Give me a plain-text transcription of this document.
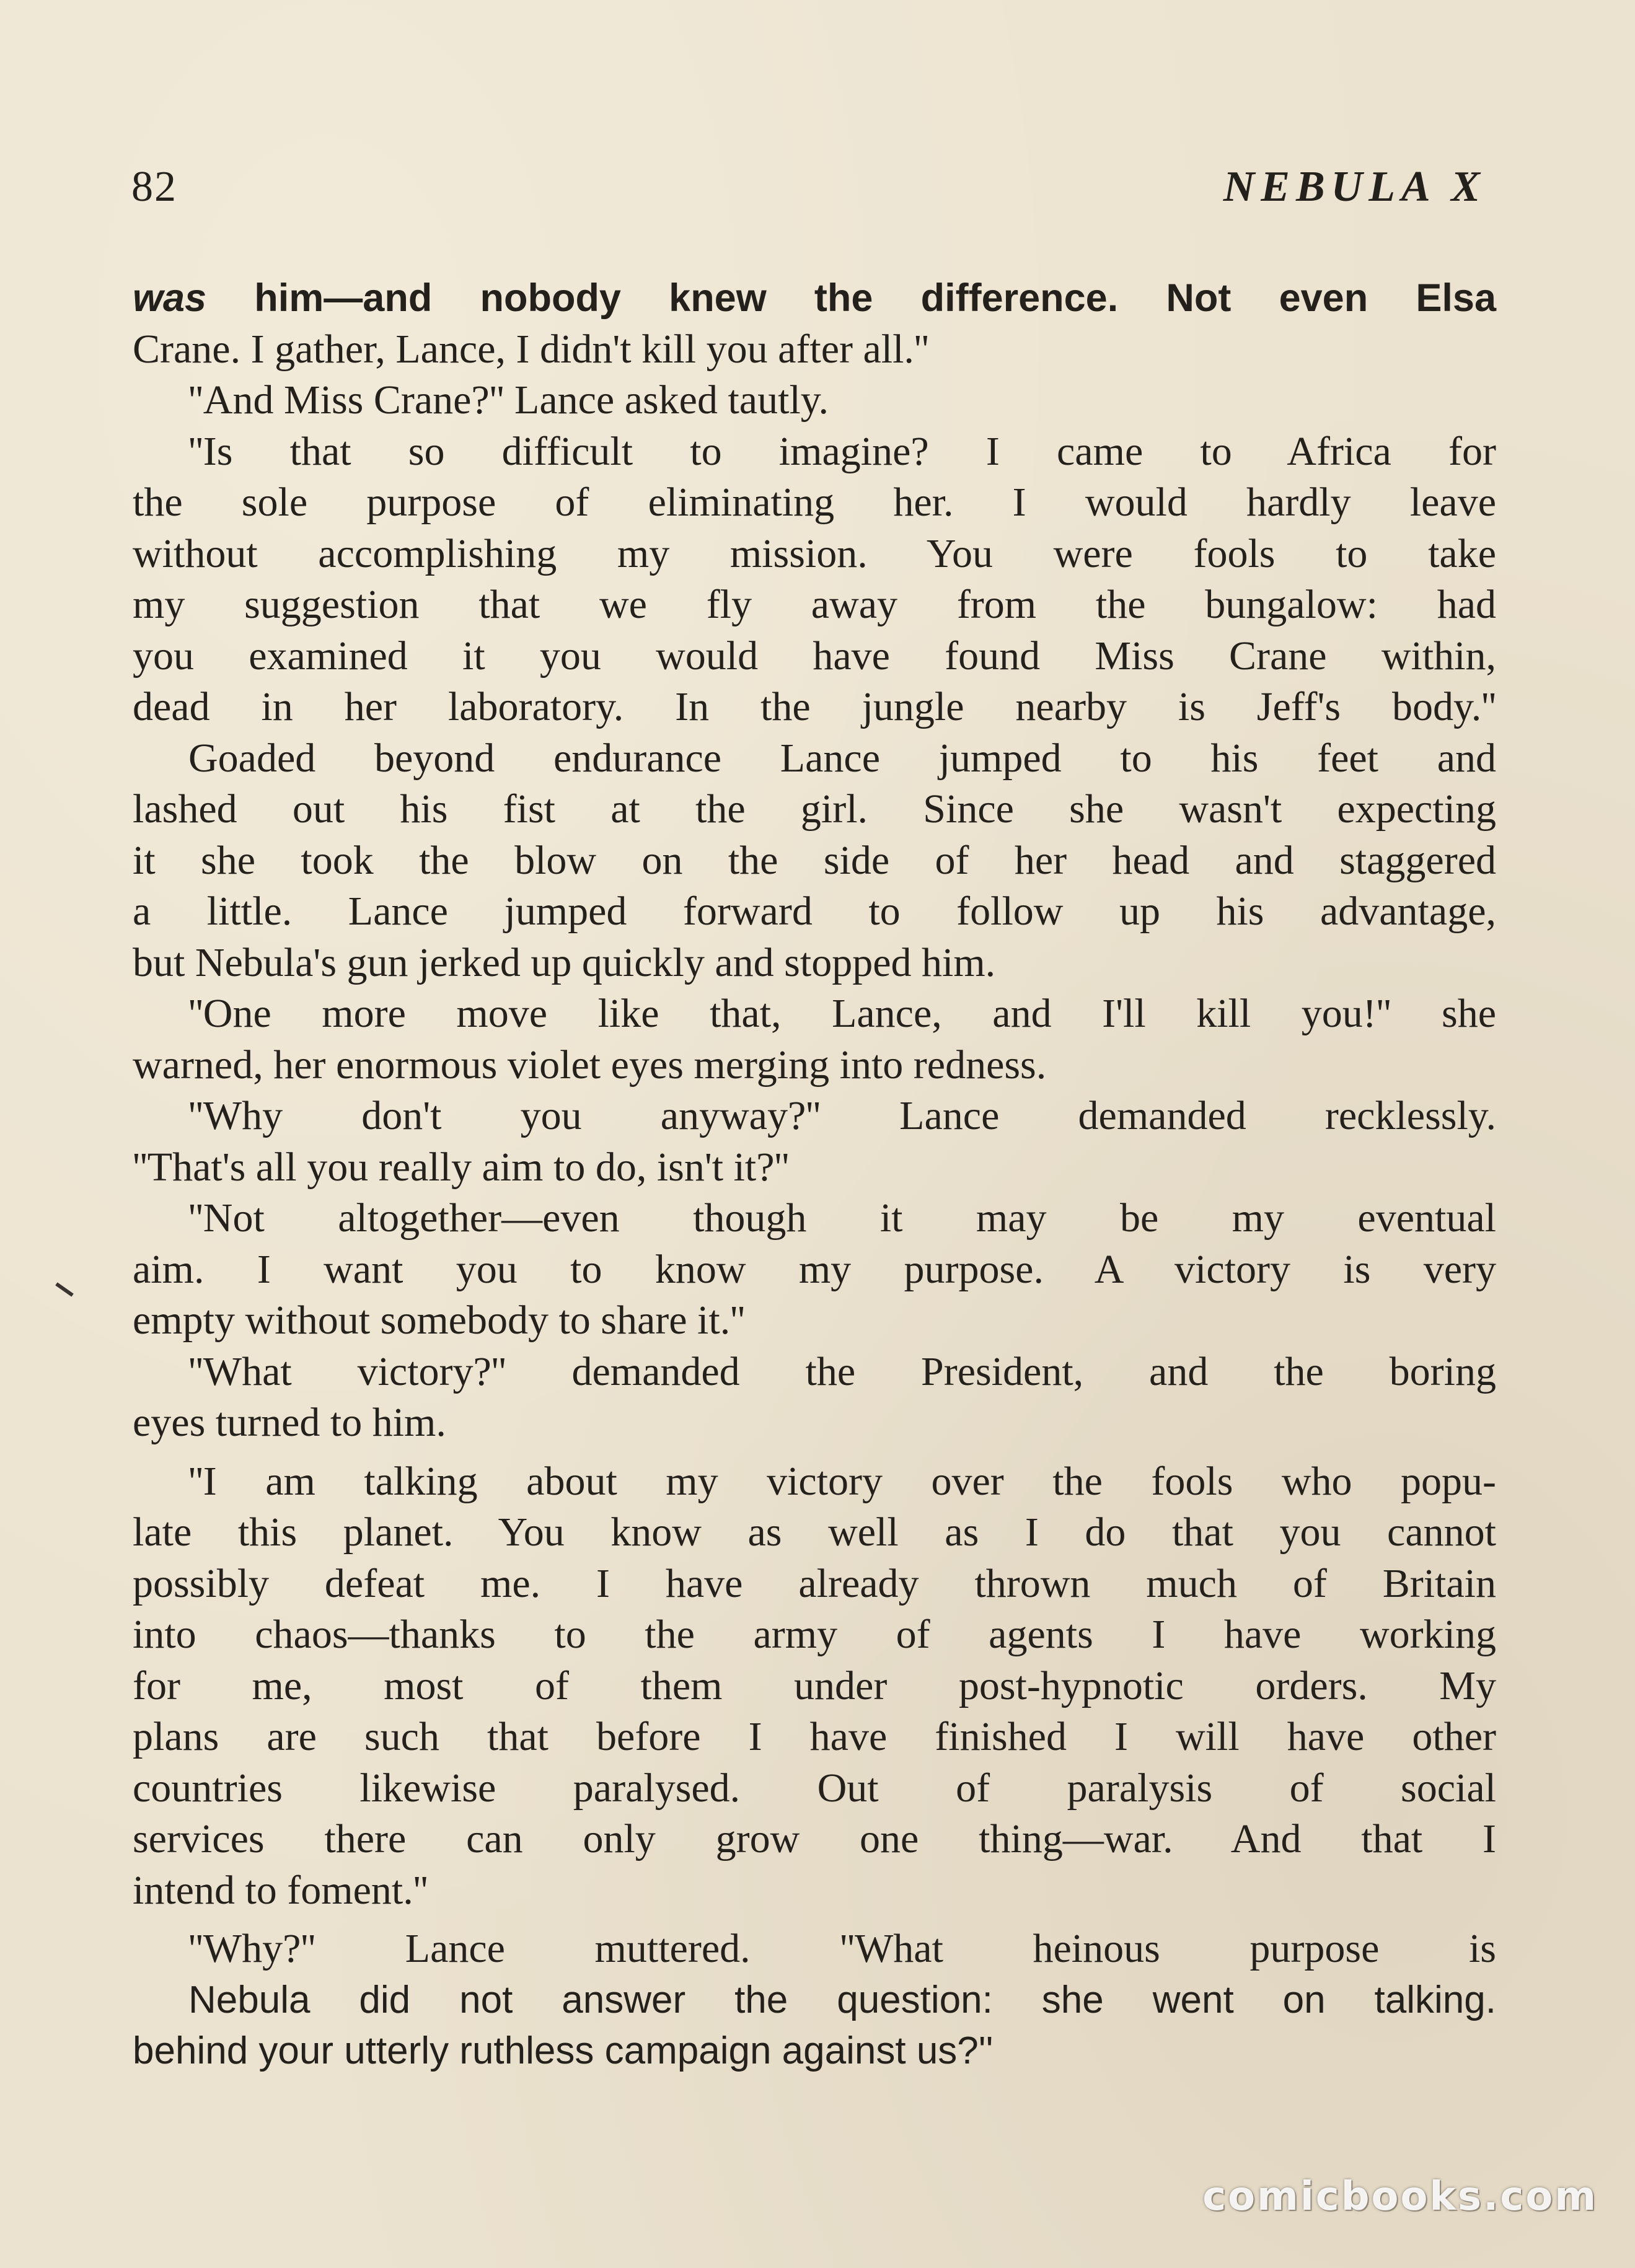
82	NEBULA X
was him—and nobody knew the difference. Not even Elsa
Crane. I gather, Lance, I didn't kill you after all.''
''And Miss Crane?'' Lance asked tautly.
''Is that so difficult to imagine? I came to Africa for
the sole purpose of eliminating her. I would hardly leave
without accomplishing my mission. You were fools to take
my suggestion that we fly away from the bungalow: had
you examined it you would have found Miss Crane within,
dead in her laboratory. In the jungle nearby is Jeff's body.''
Goaded beyond endurance Lance jumped to his feet and
lashed out his fist at the girl. Since she wasn't expecting
it she took the blow on the side of her head and staggered
a little. Lance jumped forward to follow up his advantage,
but Nebula's gun jerked up quickly and stopped him.
''One more move like that, Lance, and I'll kill you!'' she
warned, her enormous violet eyes merging into redness.
''Why don't you anyway?'' Lance demanded recklessly.
''That's all you really aim to do, isn't it?''
''Not altogether—even though it may be my eventual
aim. I want you to know my purpose. A victory is very
empty without somebody to share it.''
''What victory?'' demanded the President, and the boring
eyes turned to him.
''I am talking about my victory over the fools who popu-
late this planet. You know as well as I do that you cannot
possibly defeat me. I have already thrown much of Britain
into chaos—thanks to the army of agents I have working
for me, most of them under post-hypnotic orders. My
plans are such that before I have finished I will have other
countries likewise paralysed. Out of paralysis of social
services there can only grow one thing—war. And that I
intend to foment.''
''Why?'' Lance muttered. ''What heinous purpose is
Nebula did not answer the question: she went on talking.
behind your utterly ruthless campaign against us?''
comicbooks.com
